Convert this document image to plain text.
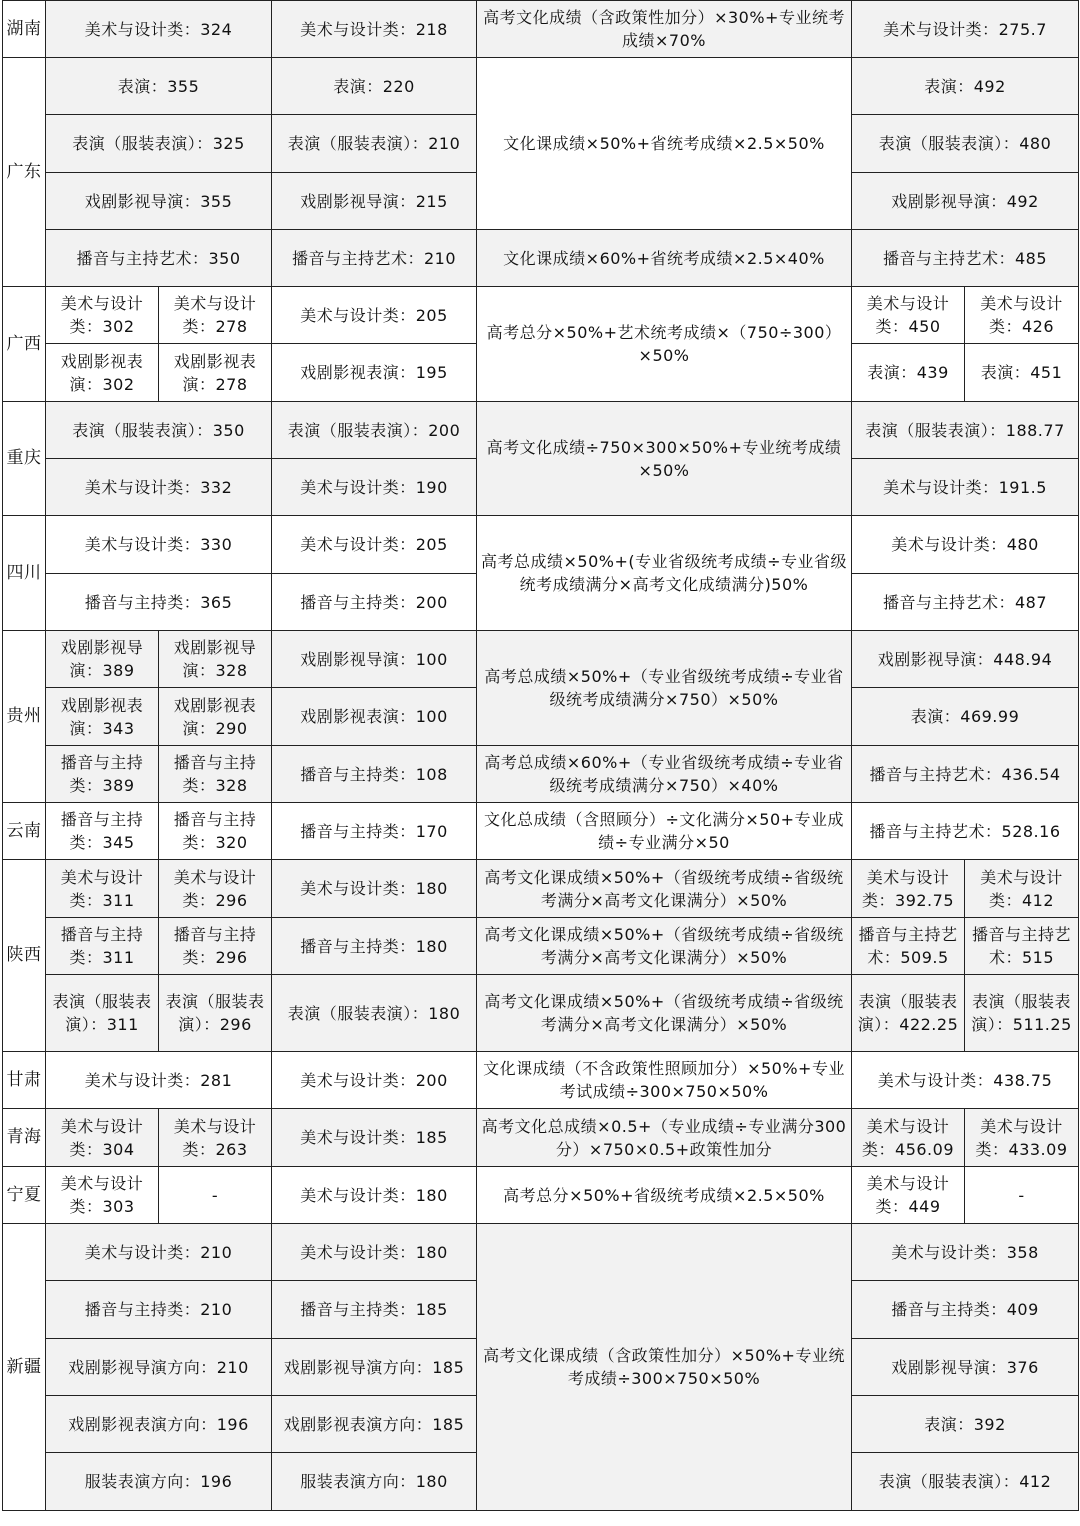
湖南	美术与设计类：324		美术与设计类：218	高考文化成绩（含政策性加分）×30%+专业统考成绩×70%	美术与设计类：275.7	
广东	表演：355		表演：220	文化课成绩×50%+省统考成绩×2.5×50%	表演：492	
	表演（服装表演）：325		表演（服装表演）：210		表演（服装表演）：480	
	戏剧影视导演：355		戏剧影视导演：215		戏剧影视导演：492	
	播音与主持艺术：350		播音与主持艺术：210	文化课成绩×60%+省统考成绩×2.5×40%	播音与主持艺术：485	
广西	美术与设计类：302	美术与设计类：278	美术与设计类：205	高考总分×50%+艺术统考成绩×（750÷300）×50%	美术与设计类：450	美术与设计类：426
	戏剧影视表演：302	戏剧影视表演：278	戏剧影视表演：195		表演：439	表演：451
重庆	表演（服装表演）：350		表演（服装表演）：200	高考文化成绩÷750×300×50%+专业统考成绩×50%	表演（服装表演）：188.77	
	美术与设计类：332		美术与设计类：190		美术与设计类：191.5	
四川	美术与设计类：330		美术与设计类：205	高考总成绩×50%+(专业省级统考成绩÷专业省级统考成绩满分×高考文化成绩满分)50%	美术与设计类：480	
	播音与主持类：365		播音与主持类：200		播音与主持艺术：487	
贵州	戏剧影视导演：389	戏剧影视导演：328	戏剧影视导演：100	高考总成绩×50%+（专业省级统考成绩÷专业省级统考成绩满分×750）×50%	戏剧影视导演：448.94	
	戏剧影视表演：343	戏剧影视表演：290	戏剧影视表演：100		表演：469.99	
	播音与主持类：389	播音与主持类：328	播音与主持类：108	高考总成绩×60%+（专业省级统考成绩÷专业省级统考成绩满分×750）×40%	播音与主持艺术：436.54	
云南	播音与主持类：345	播音与主持类：320	播音与主持类：170	文化总成绩（含照顾分）÷文化满分×50+专业成绩÷专业满分×50	播音与主持艺术：528.16	
陕西	美术与设计类：311	美术与设计类：296	美术与设计类：180	高考文化课成绩×50%+（省级统考成绩÷省级统考满分×高考文化课满分）×50%	美术与设计类：392.75	美术与设计类：412
	播音与主持类：311	播音与主持类：296	播音与主持类：180	高考文化课成绩×50%+（省级统考成绩÷省级统考满分×高考文化课满分）×50%	播音与主持艺术：509.5	播音与主持艺术：515
	表演（服装表演）：311	表演（服装表演）：296	表演（服装表演）：180	高考文化课成绩×50%+（省级统考成绩÷省级统考满分×高考文化课满分）×50%	表演（服装表演）：422.25	表演（服装表演）：511.25
甘肃	美术与设计类：281		美术与设计类：200	文化课成绩（不含政策性照顾加分）×50%+专业考试成绩÷300×750×50%	美术与设计类：438.75	
青海	美术与设计类：304	美术与设计类：263	美术与设计类：185	高考文化总成绩×0.5+（专业成绩÷专业满分300分）×750×0.5+政策性加分	美术与设计类：456.09	美术与设计类：433.09
宁夏	美术与设计类：303	-	美术与设计类：180	高考总分×50%+省级统考成绩×2.5×50%	美术与设计类：449	-
新疆	美术与设计类：210		美术与设计类：180	高考文化课成绩（含政策性加分）×50%+专业统考成绩÷300×750×50%	美术与设计类：358	
	播音与主持类：210		播音与主持类：185		播音与主持类：409	
	戏剧影视导演方向：210		戏剧影视导演方向：185		戏剧影视导演：376	
	戏剧影视表演方向：196		戏剧影视表演方向：185		表演：392	
	服装表演方向：196		服装表演方向：180		表演（服装表演）：412	
